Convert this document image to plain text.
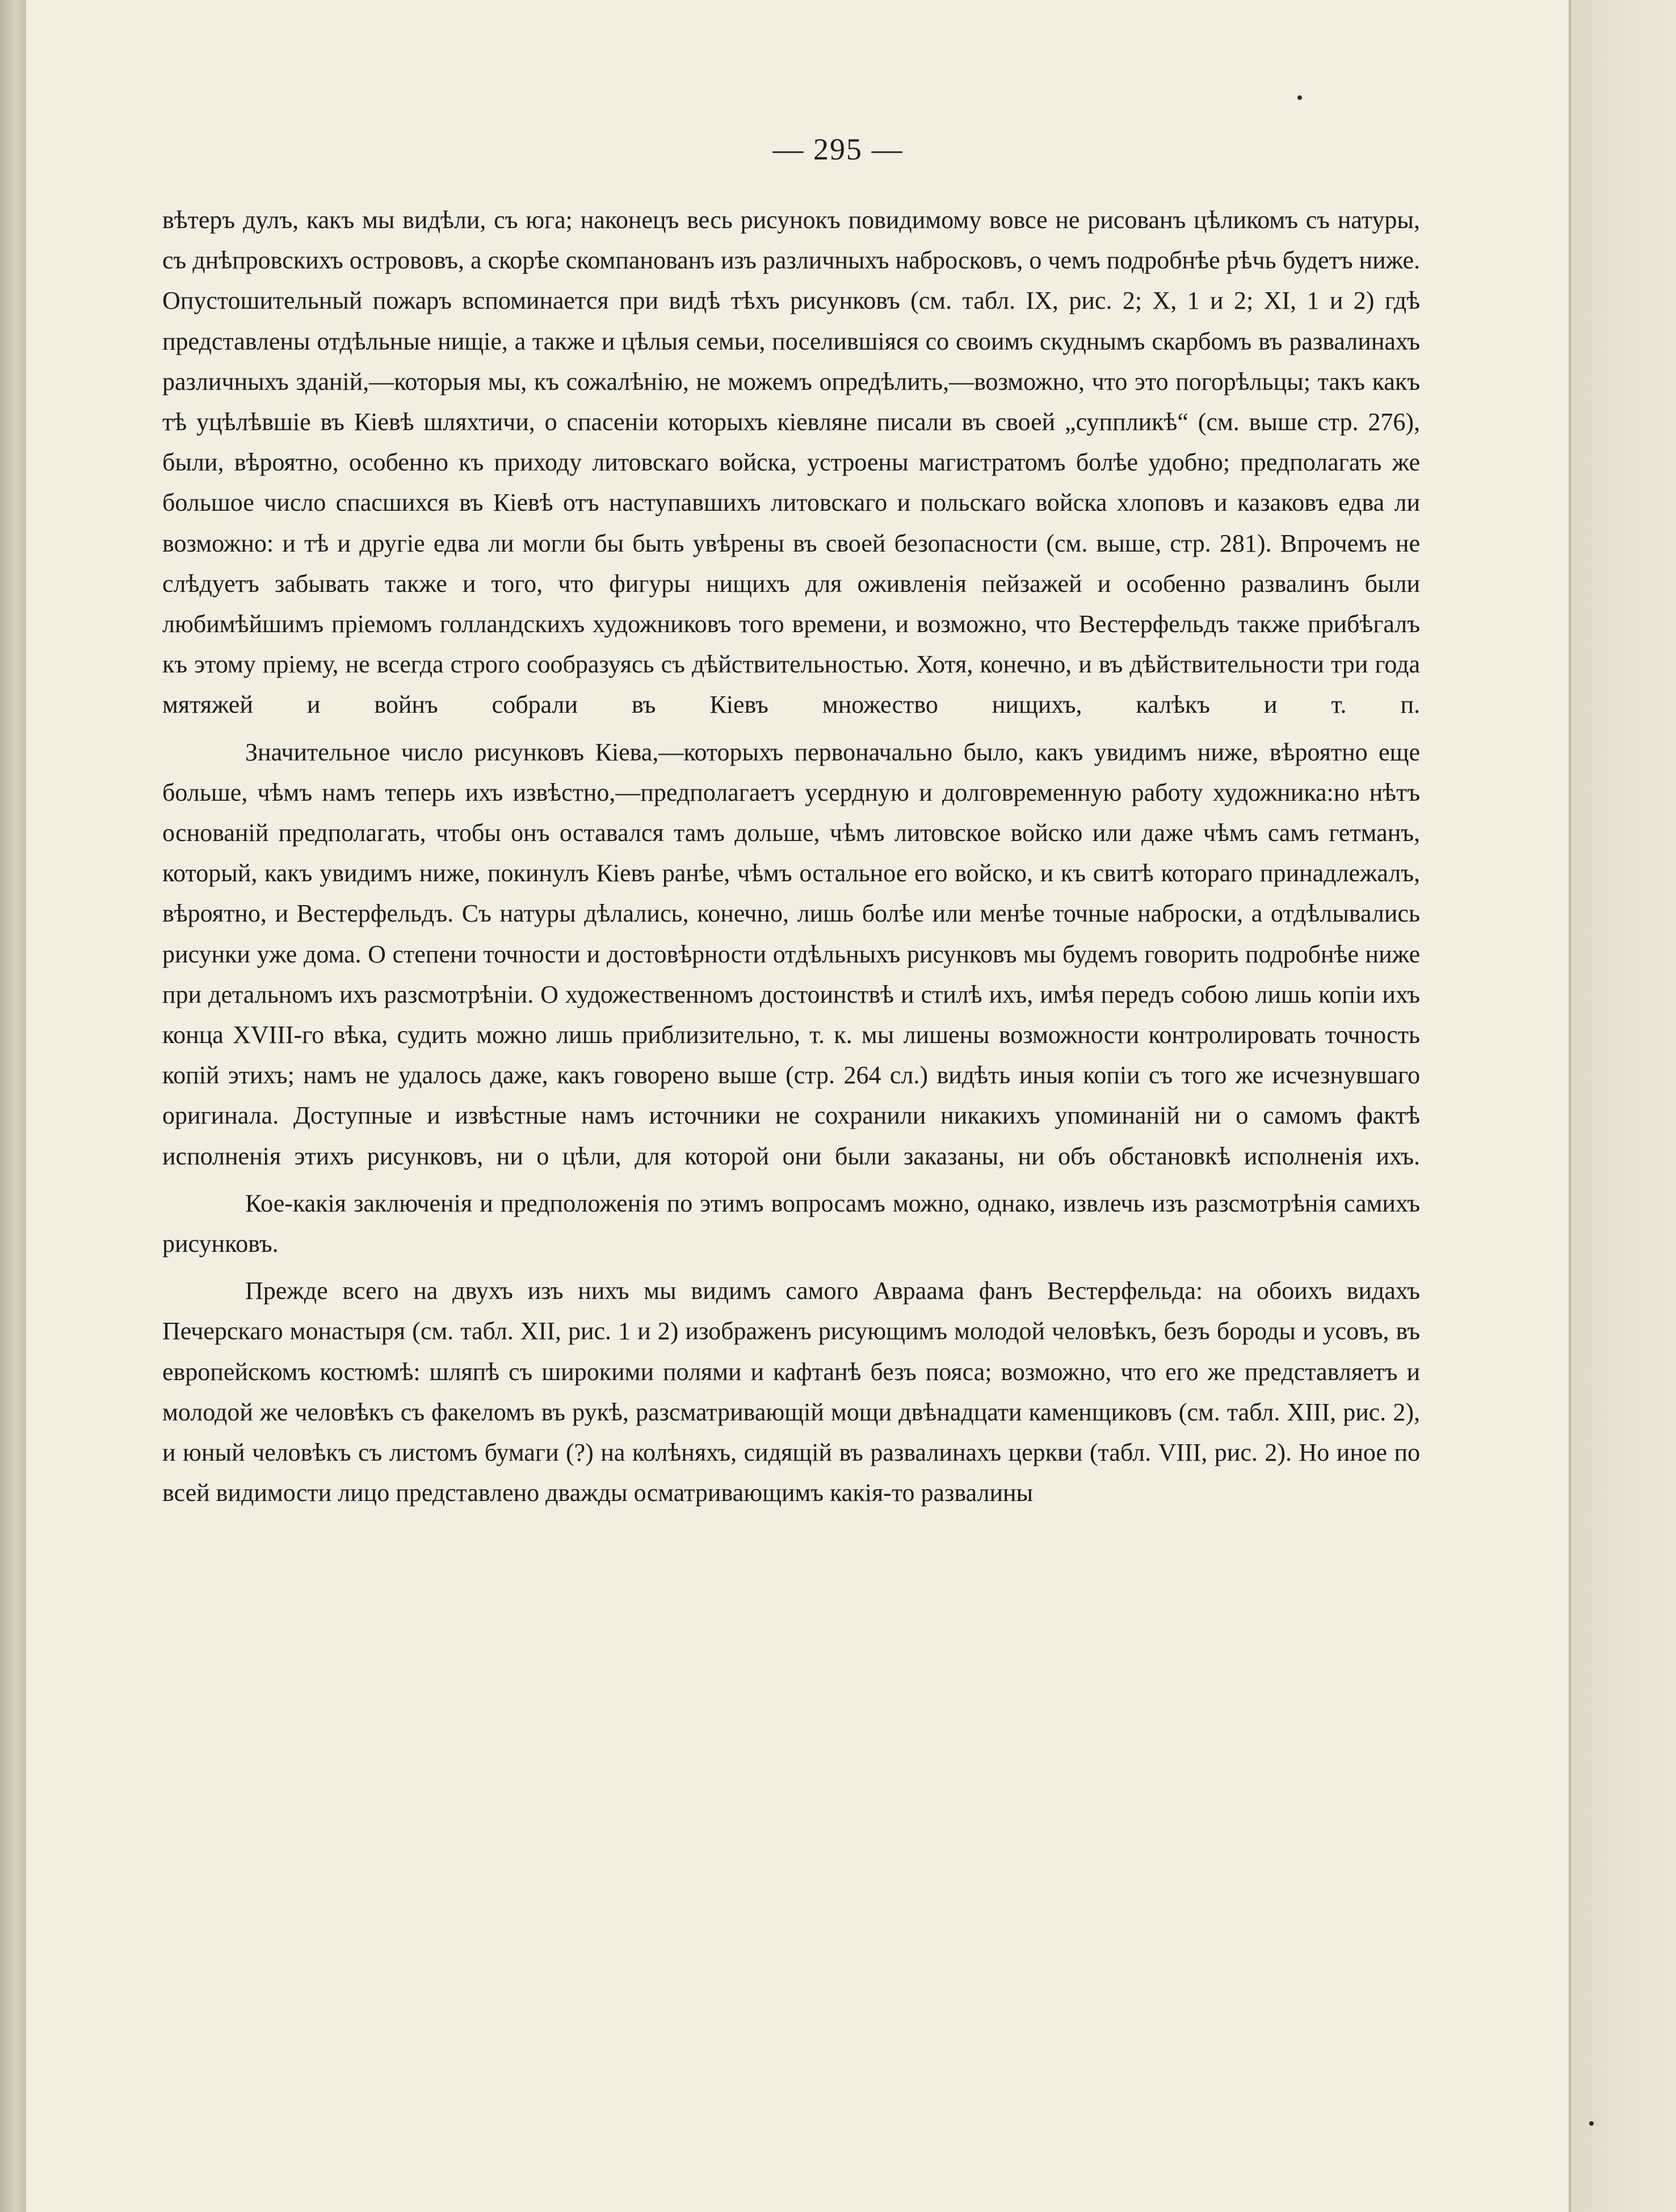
— 295 —

вѣтеръ дулъ, какъ мы видѣли, съ юга; наконецъ весь рисунокъ повидимому вовсе не рисованъ цѣликомъ съ натуры, съ днѣпровскихъ острововъ, а скорѣе скомпанованъ изъ различныхъ набросковъ, о чемъ подробнѣе рѣчь будетъ ниже. Опустошительный пожаръ вспоминается при видѣ тѣхъ рисунковъ (см. табл. IX, рис. 2; X, 1 и 2; XI, 1 и 2) гдѣ представлены отдѣльные нищіе, а также и цѣлыя семьи, поселившіяся со своимъ скуднымъ скарбомъ въ развалинахъ различныхъ зданій,—которыя мы, къ сожалѣнію, не можемъ опредѣлить,—возможно, что это погорѣльцы; такъ какъ тѣ уцѣлѣвшіе въ Кіевѣ шляхтичи, о спасеніи которыхъ кіевляне писали въ своей „суппликѣ“ (см. выше стр. 276), были, вѣроятно, особенно къ приходу литовскаго войска, устроены магистратомъ болѣе удобно; предполагать же большое число спасшихся въ Кіевѣ отъ наступавшихъ литовскаго и польскаго войска хлоповъ и казаковъ едва ли возможно: и тѣ и другіе едва ли могли бы быть увѣрены въ своей безопасности (см. выше, стр. 281). Впрочемъ не слѣдуетъ забывать также и того, что фигуры нищихъ для оживленія пейзажей и особенно развалинъ были любимѣйшимъ пріемомъ голландскихъ художниковъ того времени, и возможно, что Вестерфельдъ также прибѣгалъ къ этому пріему, не всегда строго сообразуясь съ дѣйствительностью. Хотя, конечно, и въ дѣйствительности три года мятяжей и войнъ собрали въ Кіевъ множество нищихъ, калѣкъ и т. п.

Значительное число рисунковъ Кіева,—которыхъ первоначально было, какъ увидимъ ниже, вѣроятно еще больше, чѣмъ намъ теперь ихъ извѣстно,—предполагаетъ усердную и долговременную работу художника:но нѣтъ основаній предполагать, чтобы онъ оставался тамъ дольше, чѣмъ литовское войско или даже чѣмъ самъ гетманъ, который, какъ увидимъ ниже, покинулъ Кіевъ ранѣе, чѣмъ остальное его войско, и къ свитѣ котораго принадлежалъ, вѣроятно, и Вестерфельдъ. Съ натуры дѣлались, конечно, лишь болѣе или менѣе точные наброски, а отдѣлывались рисунки уже дома. О степени точности и достовѣрности отдѣльныхъ рисунковъ мы будемъ говорить подробнѣе ниже при детальномъ ихъ разсмотрѣніи. О художественномъ достоинствѣ и стилѣ ихъ, имѣя передъ собою лишь копіи ихъ конца XVIII-го вѣка, судить можно лишь приблизительно, т. к. мы лишены возможности контролировать точность копій этихъ; намъ не удалось даже, какъ говорено выше (стр. 264 сл.) видѣть иныя копіи съ того же исчезнувшаго оригинала. Доступные и извѣстные намъ источники не сохранили никакихъ упоминаній ни о самомъ фактѣ исполненія этихъ рисунковъ, ни о цѣли, для которой они были заказаны, ни объ обстановкѣ исполненія ихъ.

Кое-какія заключенія и предположенія по этимъ вопросамъ можно, однако, извлечь изъ разсмотрѣнія самихъ рисунковъ.

Прежде всего на двухъ изъ нихъ мы видимъ самого Авраама фанъ Вестерфельда: на обоихъ видахъ Печерскаго монастыря (см. табл. XII, рис. 1 и 2) изображенъ рисующимъ молодой человѣкъ, безъ бороды и усовъ, въ европейскомъ костюмѣ: шляпѣ съ широкими полями и кафтанѣ безъ пояса; возможно, что его же представляетъ и молодой же человѣкъ съ факеломъ въ рукѣ, разсматривающій мощи двѣнадцати каменщиковъ (см. табл. XIII, рис. 2), и юный человѣкъ съ листомъ бумаги (?) на колѣняхъ, сидящій въ развалинахъ церкви (табл. VIII, рис. 2). Но иное по всей видимости лицо представлено дважды осматривающимъ какія-то развалины
